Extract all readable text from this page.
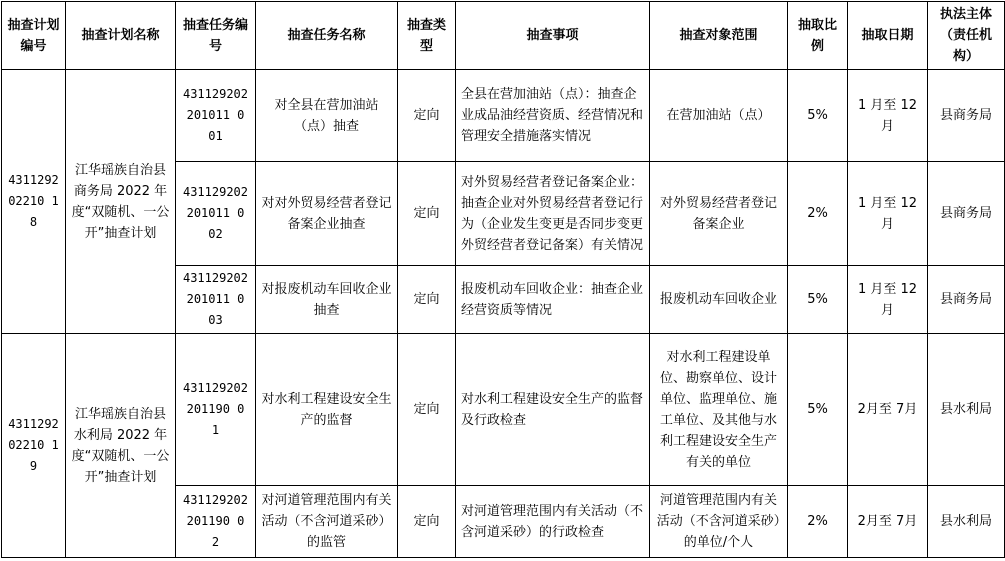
抽查计划编号	抽查计划名称	抽查任务编号	抽查任务名称	抽查类型	抽查事项	抽查对象范围	抽取比例	抽取日期	执法主体（责任机构）
431129202210 18	江华瑶族自治县商务局 2022 年度“双随机、一公开”抽查计划	431129202201011 0 01	对全县在营加油站（点）抽查	定向	全县在营加油站（点）：抽查企业成品油经营资质、经营情况和管理安全措施落实情况	在营加油站（点）	5%	1 月至 12 月	县商务局
		431129202201011 0 02	对对外贸易经营者登记备案企业抽查	定向	对外贸易经营者登记备案企业：抽查企业对外贸易经营者登记行为（企业发生变更是否同步变更外贸经营者登记备案）有关情况	对外贸易经营者登记备案企业	2%	1 月至 12 月	县商务局
		431129202201011 0 03	对报废机动车回收企业抽查	定向	报废机动车回收企业：抽查企业经营资质等情况	报废机动车回收企业	5%	1 月至 12 月	县商务局
431129202210 19	江华瑶族自治县水利局 2022 年度“双随机、一公开”抽查计划	431129202201190 0 1	对水利工程建设安全生产的监督	定向	对水利工程建设安全生产的监督及行政检查	对水利工程建设单位、勘察单位、设计单位、监理单位、施工单位、及其他与水利工程建设安全生产有关的单位	5%	2月至 7月	县水利局
		431129202201190 0 2	对河道管理范围内有关活动（不含河道采砂）的监管	定向	对河道管理范围内有关活动（不含河道采砂）的行政检查	河道管理范围内有关活动（不含河道采砂）的单位/个人	2%	2月至 7月	县水利局
